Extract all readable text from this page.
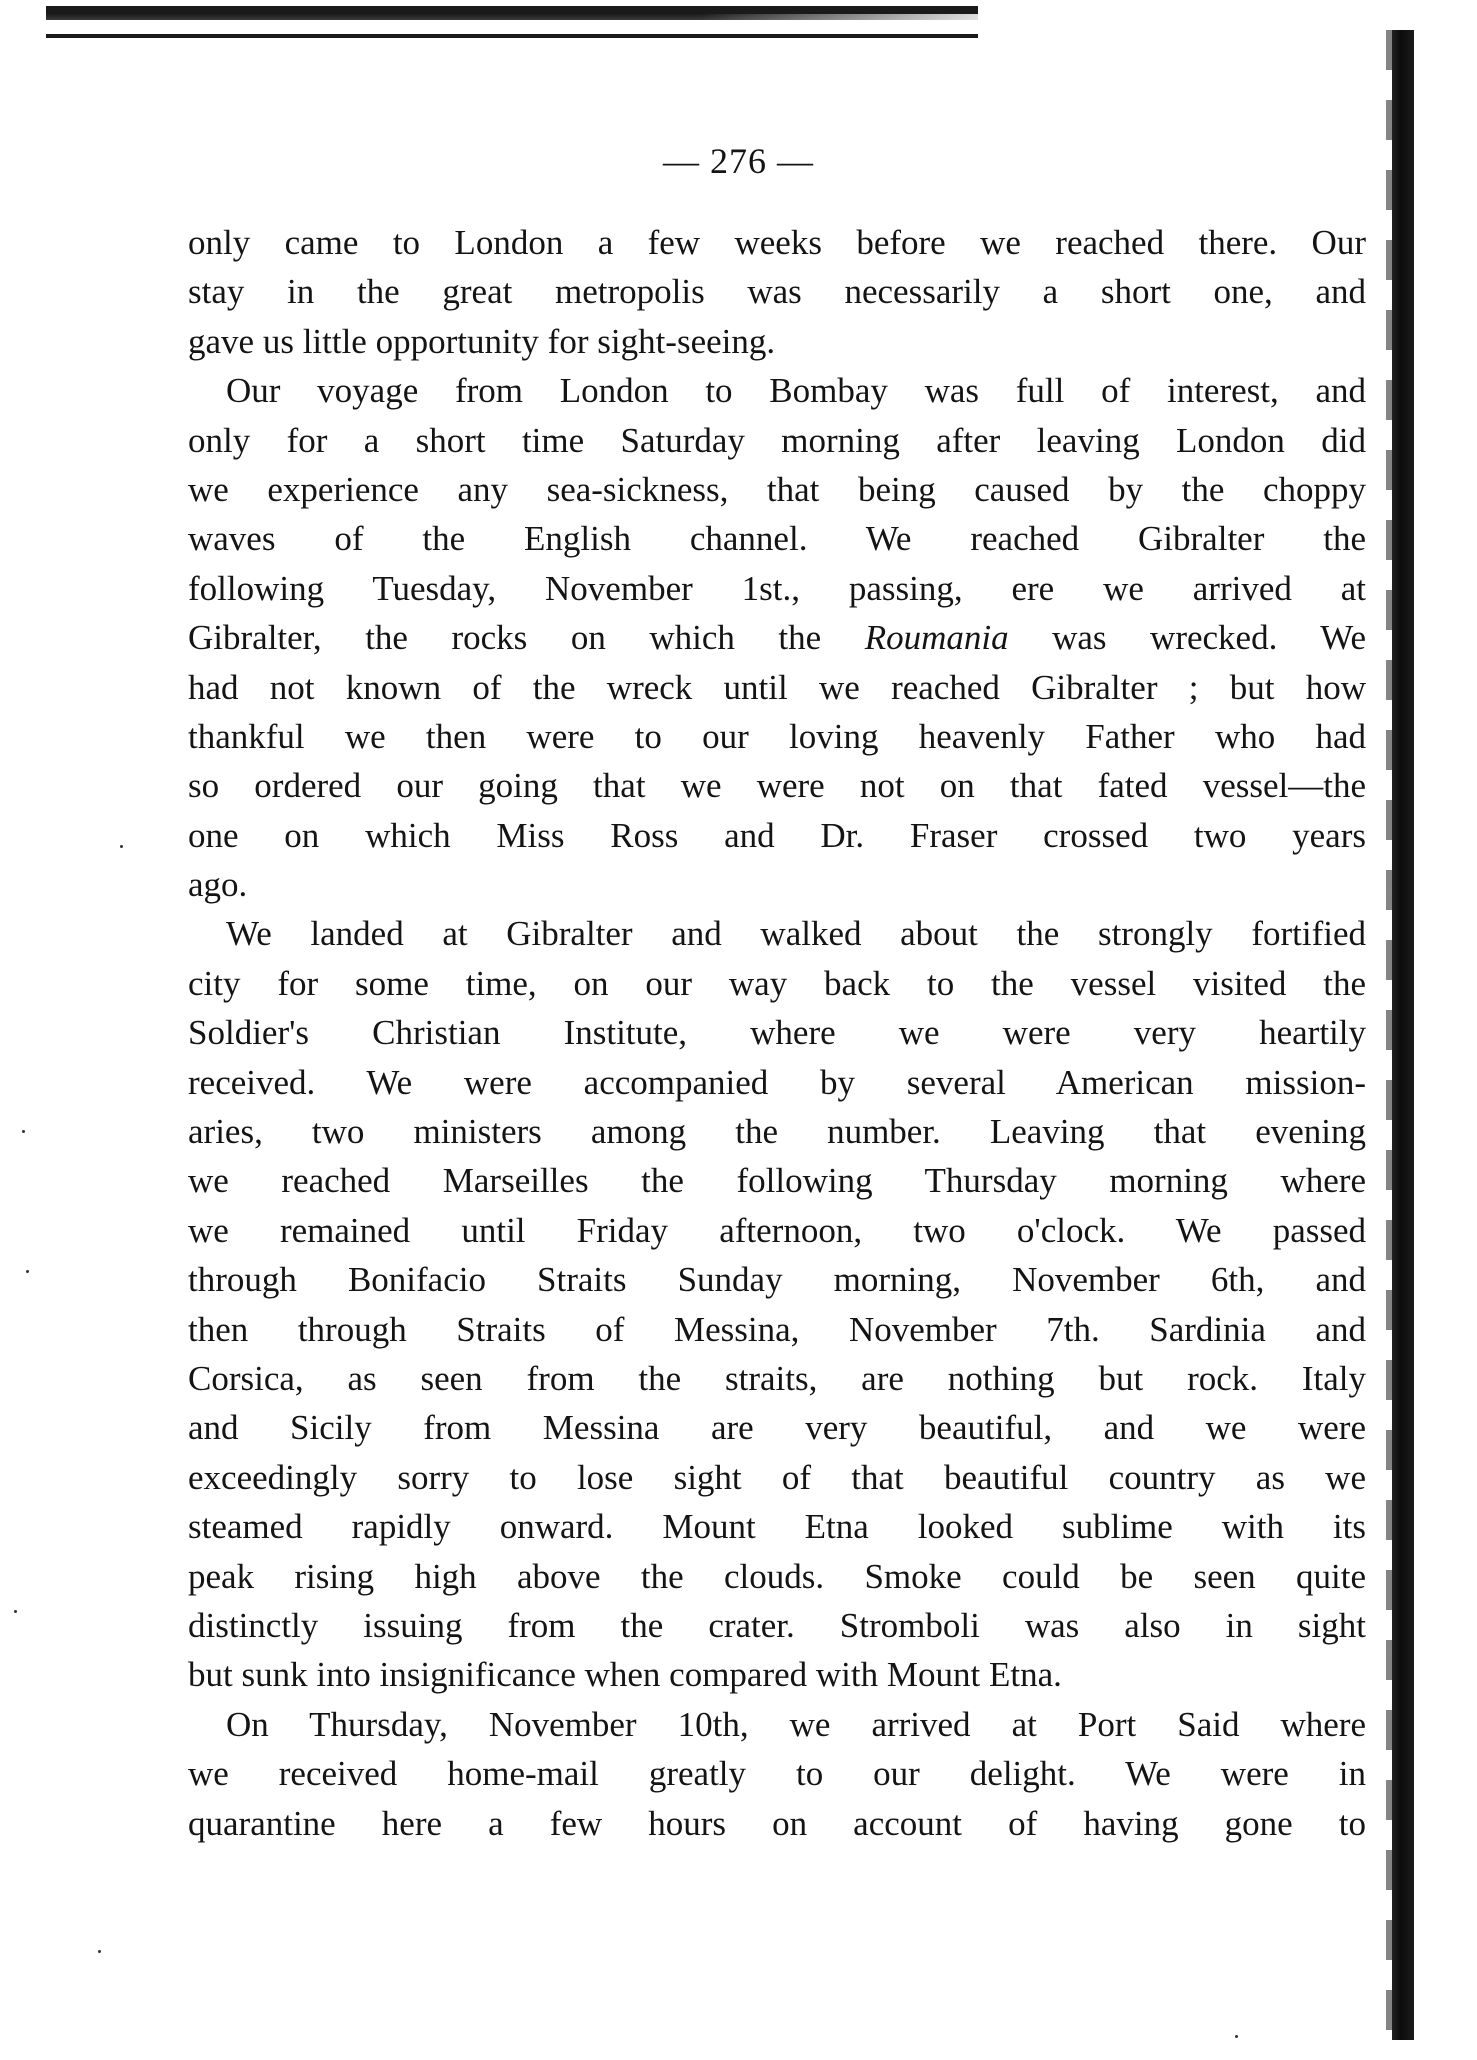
— 276 —
only came to London a few weeks before we reached there. Our
stay in the great metropolis was necessarily a short one, and
gave us little opportunity for sight-seeing.
Our voyage from London to Bombay was full of interest, and
only for a short time Saturday morning after leaving London did
we experience any sea-sickness, that being caused by the choppy
waves of the English channel. We reached Gibralter the
following Tuesday, November 1st., passing, ere we arrived at
Gibralter, the rocks on which the Roumania was wrecked. We
had not known of the wreck until we reached Gibralter ; but how
thankful we then were to our loving heavenly Father who had
so ordered our going that we were not on that fated vessel—the
one on which Miss Ross and Dr. Fraser crossed two years
ago.
We landed at Gibralter and walked about the strongly fortified
city for some time, on our way back to the vessel visited the
Soldier's Christian Institute, where we were very heartily
received. We were accompanied by several American mission-
aries, two ministers among the number. Leaving that evening
we reached Marseilles the following Thursday morning where
we remained until Friday afternoon, two o'clock. We passed
through Bonifacio Straits Sunday morning, November 6th, and
then through Straits of Messina, November 7th. Sardinia and
Corsica, as seen from the straits, are nothing but rock. Italy
and Sicily from Messina are very beautiful, and we were
exceedingly sorry to lose sight of that beautiful country as we
steamed rapidly onward. Mount Etna looked sublime with its
peak rising high above the clouds. Smoke could be seen quite
distinctly issuing from the crater. Stromboli was also in sight
but sunk into insignificance when compared with Mount Etna.
On Thursday, November 10th, we arrived at Port Said where
we received home-mail greatly to our delight. We were in
quarantine here a few hours on account of having gone to
